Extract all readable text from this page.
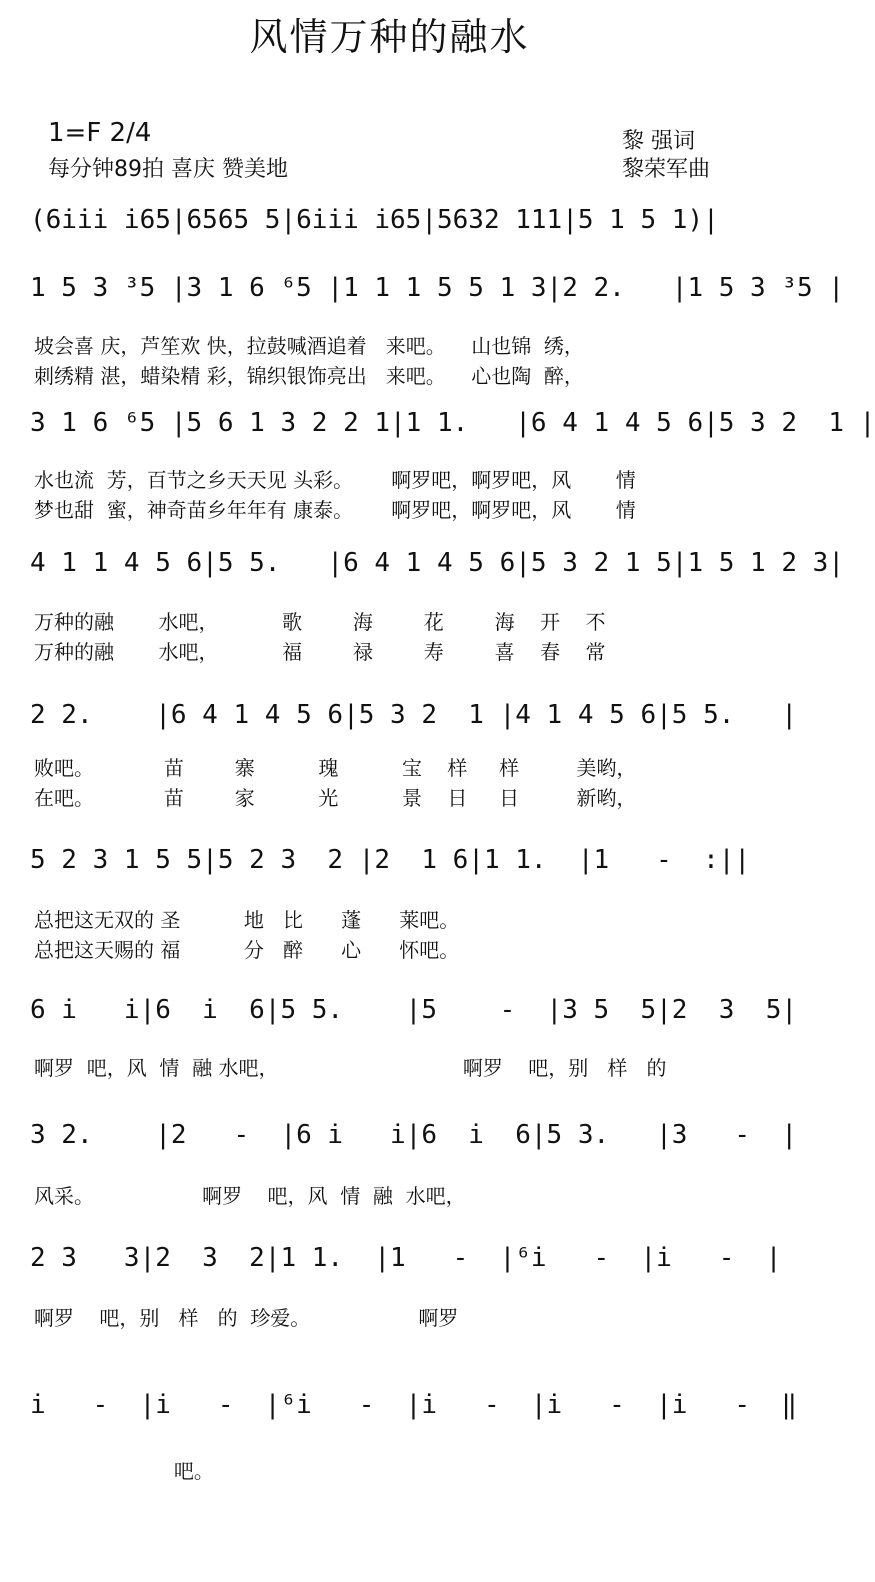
风情万种的融水
1=F 2/4
每分钟89拍 喜庆 赞美地
黎 强词
黎荣军曲
(6i̇i̇i̇ i̇65|6565 5|6i̇i̇i̇ i̇65|5632 111|5 1 5 1)|
1 5 3 ³5 |3 1 6 ⁶5 |1 1 1 5 5 1 3|2 2.   |1 5 3 ³5 |
坡会喜 庆，芦笙欢 快，拉鼓喊酒追着   来吧。    山也锦  绣，
刺绣精 湛，蜡染精 彩，锦织银饰亮出   来吧。    心也陶  醉，
3 1 6 ⁶5 |5 6 1 3 2 2 1|1 1.   |6 4 1 4 5 6|5 3 2  1 |
水也流  芳，百节之乡天天见 头彩。      啊罗吧，啊罗吧，风       情
梦也甜  蜜，神奇苗乡年年有 康泰。      啊罗吧，啊罗吧，风       情
4 1 1 4 5 6|5 5.   |6 4 1 4 5 6|5 3 2 1 5|1 5 1 2 3|
万种的融       水吧，          歌        海        花        海    开    不
万种的融       水吧，          福        禄        寿        喜    春    常
2 2.    |6 4 1 4 5 6|5 3 2  1 |4 1 4 5 6|5 5.   |
败吧。           苗        寨          瑰          宝    样     样         美哟，
在吧。           苗        家          光          景    日     日         新哟，
5 2 3 1 5 5|5 2 3  2 |2  1 6|1 1.  |1   -  :||
总把这无双的 圣          地   比      蓬      莱吧。
总把这天赐的 福          分   醉      心      怀吧。
6 i̇   i̇|6  i̇  6|5 5.    |5    -  |3 5  5|2  3  5|
啊罗  吧，风  情  融 水吧，                             啊罗    吧，别   样   的
3 2.    |2   -  |6 i̇   i̇|6  i̇  6|5 3.   |3   -  |
风采。                 啊罗    吧，风  情  融  水吧，
2 3   3|2  3  2|1 1.  |1   -  |⁶i̇   -  |i̇   -  |
啊罗    吧，别   样   的  珍爱。                 啊罗
i̇   -  |i̇   -  |⁶i̇   -  |i̇   -  |i̇   -  |i̇   -  ‖
吧。
